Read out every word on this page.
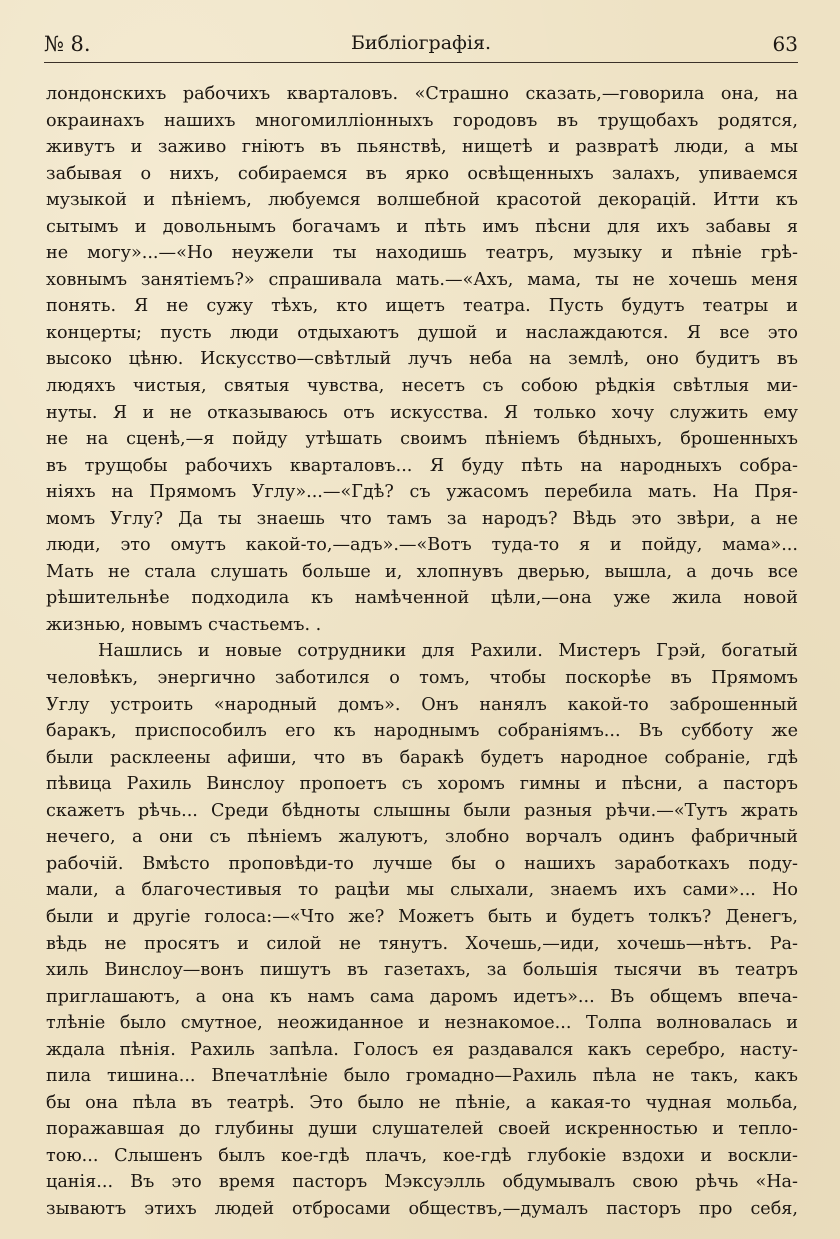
№ 8.	Библіографія.	63
лондонскихъ рабочихъ кварталовъ. «Страшно сказать,—говорила она, на
окраинахъ нашихъ многомилліонныхъ городовъ въ трущобахъ родятся,
живутъ и заживо гніютъ въ пьянствѣ, нищетѣ и развратѣ люди, а мы
забывая о нихъ, собираемся въ ярко освѣщенныхъ залахъ, упиваемся
музыкой и пѣніемъ, любуемся волшебной красотой декорацій. Итти къ
сытымъ и довольнымъ богачамъ и пѣть имъ пѣсни для ихъ забавы я
не могу»...—«Но неужели ты находишь театръ, музыку и пѣніе грѣ-
ховнымъ занятіемъ?» спрашивала мать.—«Ахъ, мама, ты не хочешь меня
понять. Я не сужу тѣхъ, кто ищетъ театра. Пусть будутъ театры и
концерты; пусть люди отдыхаютъ душой и наслаждаются. Я все это
высоко цѣню. Искусство—свѣтлый лучъ неба на землѣ, оно будитъ въ
людяхъ чистыя, святыя чувства, несетъ съ собою рѣдкія свѣтлыя ми-
нуты. Я и не отказываюсь отъ искусства. Я только хочу служить ему
не на сценѣ,—я пойду утѣшать своимъ пѣніемъ бѣдныхъ, брошенныхъ
въ трущобы рабочихъ кварталовъ... Я буду пѣть на народныхъ собра-
ніяхъ на Прямомъ Углу»...—«Гдѣ? съ ужасомъ перебила мать. На Пря-
момъ Углу? Да ты знаешь что тамъ за народъ? Вѣдь это звѣри, а не
люди, это омутъ какой-то,—адъ».—«Вотъ туда-то я и пойду, мама»...
Мать не стала слушать больше и, хлопнувъ дверью, вышла, а дочь все
рѣшительнѣе подходила къ намѣченной цѣли,—она уже жила новой
жизнью, новымъ счастьемъ. .
Нашлись и новые сотрудники для Рахили. Мистеръ Грэй, богатый
человѣкъ, энергично заботился о томъ, чтобы поскорѣе въ Прямомъ
Углу устроить «народный домъ». Онъ нанялъ какой-то заброшенный
баракъ, приспособилъ его къ народнымъ собраніямъ... Въ субботу же
были расклеены афиши, что въ баракѣ будетъ народное собраніе, гдѣ
пѣвица Рахиль Винслоу пропоетъ съ хоромъ гимны и пѣсни, а пасторъ
скажетъ рѣчь... Среди бѣдноты слышны были разныя рѣчи.—«Тутъ жрать
нечего, а они съ пѣніемъ жалуютъ, злобно ворчалъ одинъ фабричный
рабочій. Вмѣсто проповѣди-то лучше бы о нашихъ заработкахъ поду-
мали, а благочестивыя то рацѣи мы слыхали, знаемъ ихъ сами»... Но
были и другіе голоса:—«Что же? Можетъ быть и будетъ толкъ? Денегъ,
вѣдь не просятъ и силой не тянутъ. Хочешь,—иди, хочешь—нѣтъ. Ра-
хиль Винслоу—вонъ пишутъ въ газетахъ, за большія тысячи въ театръ
приглашаютъ, а она къ намъ сама даромъ идетъ»... Въ общемъ впеча-
тлѣніе было смутное, неожиданное и незнакомое... Толпа волновалась и
ждала пѣнія. Рахиль запѣла. Голосъ ея раздавался какъ серебро, насту-
пила тишина... Впечатлѣніе было громадно—Рахиль пѣла не такъ, какъ
бы она пѣла въ театрѣ. Это было не пѣніе, а какая-то чудная мольба,
поражавшая до глубины души слушателей своей искренностью и тепло-
тою... Слышенъ былъ кое-гдѣ плачъ, кое-гдѣ глубокіе вздохи и воскли-
цанія... Въ это время пасторъ Мэксуэлль обдумывалъ свою рѣчь «На-
зываютъ этихъ людей отбросами обществъ,—думалъ пасторъ про себя,
